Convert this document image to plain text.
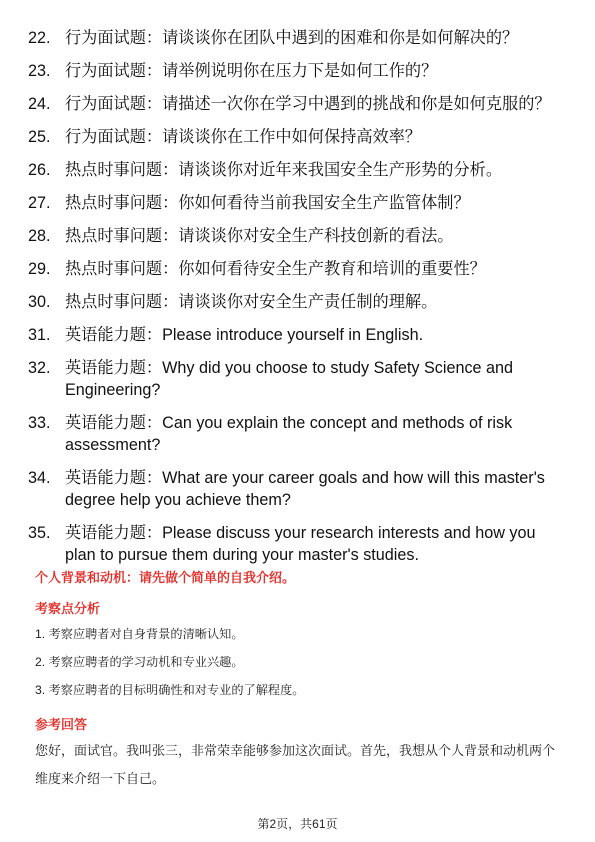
22. 行为面试题：请谈谈你在团队中遇到的困难和你是如何解决的？
23. 行为面试题：请举例说明你在压力下是如何工作的？
24. 行为面试题：请描述一次你在学习中遇到的挑战和你是如何克服的？
25. 行为面试题：请谈谈你在工作中如何保持高效率？
26. 热点时事问题：请谈谈你对近年来我国安全生产形势的分析。
27. 热点时事问题：你如何看待当前我国安全生产监管体制？
28. 热点时事问题：请谈谈你对安全生产科技创新的看法。
29. 热点时事问题：你如何看待安全生产教育和培训的重要性？
30. 热点时事问题：请谈谈你对安全生产责任制的理解。
31. 英语能力题：Please introduce yourself in English.
32. 英语能力题：Why did you choose to study Safety Science and Engineering?
33. 英语能力题：Can you explain the concept and methods of risk assessment?
34. 英语能力题：What are your career goals and how will this master's degree help you achieve them?
35. 英语能力题：Please discuss your research interests and how you plan to pursue them during your master's studies.
个人背景和动机：请先做个简单的自我介绍。
考察点分析

1. 考察应聘者对自身背景的清晰认知。

2. 考察应聘者的学习动机和专业兴趣。

3. 考察应聘者的目标明确性和对专业的了解程度。

参考回答

您好，面试官。我叫张三，非常荣幸能够参加这次面试。首先，我想从个人背景和动机两个维度来介绍一下自己。

第2页，共61页
